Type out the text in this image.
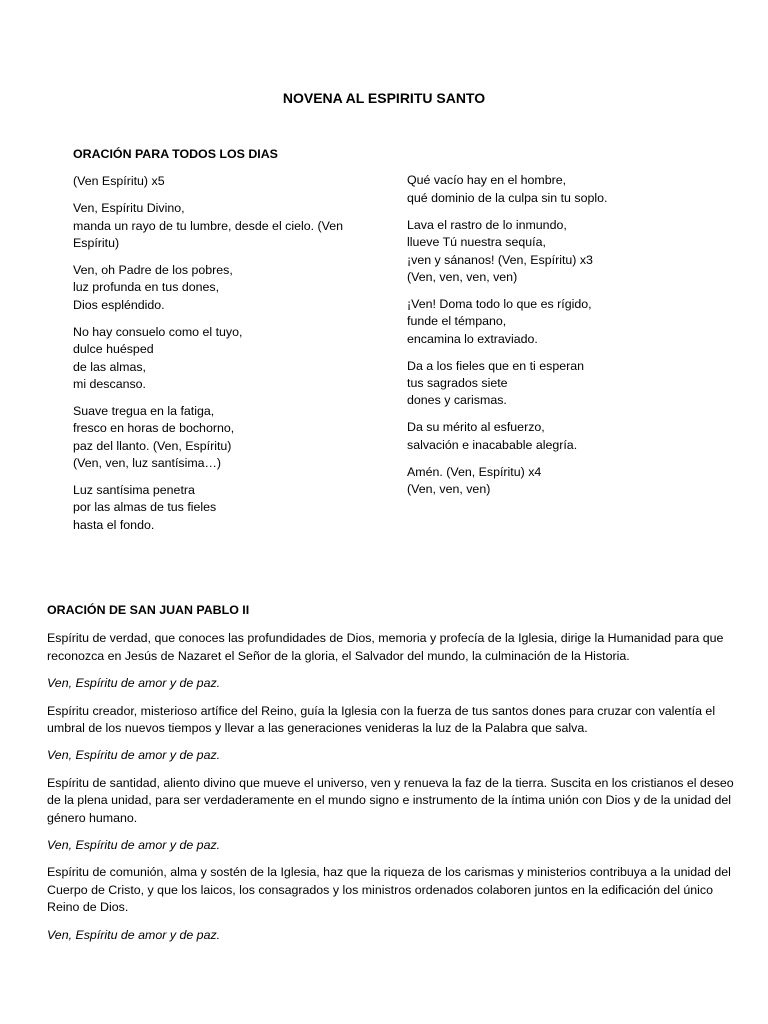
NOVENA AL ESPIRITU SANTO
ORACIÓN PARA TODOS LOS DIAS
(Ven Espíritu) x5
Ven, Espíritu Divino,
manda un rayo de tu lumbre, desde el cielo. (Ven
Espíritu)
Ven, oh Padre de los pobres,
luz profunda en tus dones,
Dios espléndido.
No hay consuelo como el tuyo,
dulce huésped
de las almas,
mi descanso.
Suave tregua en la fatiga,
fresco en horas de bochorno,
paz del llanto. (Ven, Espíritu)
(Ven, ven, luz santísima…)
Luz santísima penetra
por las almas de tus fieles
hasta el fondo.
Qué vacío hay en el hombre,
qué dominio de la culpa sin tu soplo.
Lava el rastro de lo inmundo,
llueve Tú nuestra sequía,
¡ven y sánanos! (Ven, Espíritu) x3
(Ven, ven, ven, ven)
¡Ven! Doma todo lo que es rígido,
funde el témpano,
encamina lo extraviado.
Da a los fieles que en ti esperan
tus sagrados siete
dones y carismas.
Da su mérito al esfuerzo,
salvación e inacabable alegría.
Amén. (Ven, Espíritu) x4
(Ven, ven, ven)
ORACIÓN DE SAN JUAN PABLO II
Espíritu de verdad, que conoces las profundidades de Dios, memoria y profecía de la Iglesia, dirige la Humanidad para que reconozca en Jesús de Nazaret el Señor de la gloria, el Salvador del mundo, la culminación de la Historia.
Ven, Espíritu de amor y de paz.
Espíritu creador, misterioso artífice del Reino, guía la Iglesia con la fuerza de tus santos dones para cruzar con valentía el umbral de los nuevos tiempos y llevar a las generaciones venideras la luz de la Palabra que salva.
Ven, Espíritu de amor y de paz.
Espíritu de santidad, aliento divino que mueve el universo, ven y renueva la faz de la tierra. Suscita en los cristianos el deseo de la plena unidad, para ser verdaderamente en el mundo signo e instrumento de la íntima unión con Dios y de la unidad del género humano.
Ven, Espíritu de amor y de paz.
Espíritu de comunión, alma y sostén de la Iglesia, haz que la riqueza de los carismas y ministerios contribuya a la unidad del Cuerpo de Cristo, y que los laicos, los consagrados y los ministros ordenados colaboren juntos en la edificación del único Reino de Dios.
Ven, Espíritu de amor y de paz.
